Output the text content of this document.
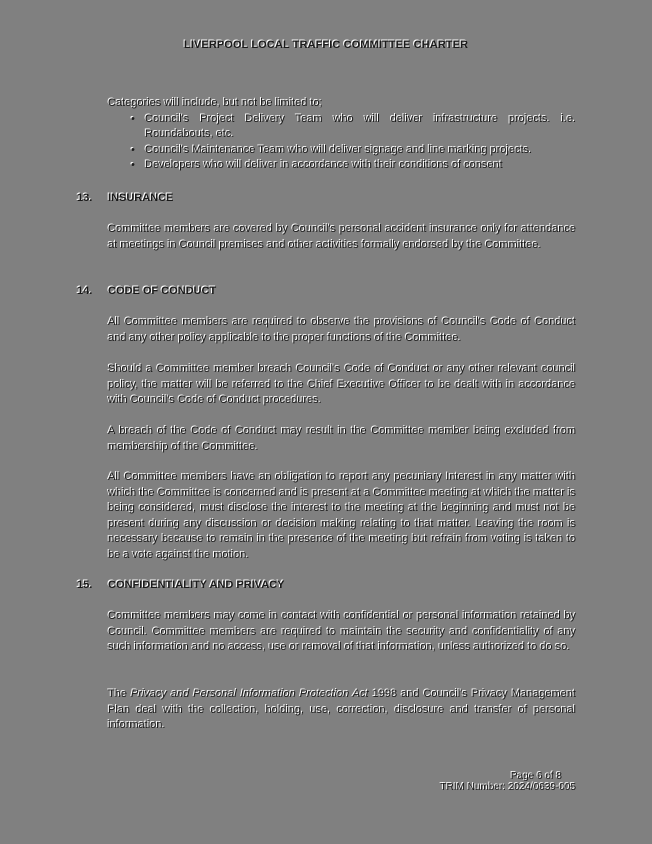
LIVERPOOL LOCAL TRAFFIC COMMITTEE CHARTER
Categories will include, but not be limited to;
• Council's Project Delivery Team who will deliver infrastructure projects. i.e. Roundabouts, etc.
• Council's Maintenance Team who will deliver signage and line marking projects.
• Developers who will deliver in accordance with their conditions of consent
13. INSURANCE
Committee members are covered by Council's personal accident insurance only for attendance at meetings in Council premises and other activities formally endorsed by the Committee.
14. CODE OF CONDUCT
All Committee members are required to observe the provisions of Council's Code of Conduct and any other policy applicable to the proper functions of the Committee.
Should a Committee member breach Council's Code of Conduct or any other relevant council policy, the matter will be referred to the Chief Executive Officer to be dealt with in accordance with Council's Code of Conduct procedures.
A breach of the Code of Conduct may result in the Committee member being excluded from membership of the Committee.
All Committee members have an obligation to report any pecuniary Interest in any matter with which the Committee is concerned and is present at a Committee meeting at which the matter is being considered, must disclose the interest to the meeting at the beginning and must not be present during any discussion or decision making relating to that matter. Leaving the room is necessary because to remain in the presence of the meeting but refrain from voting is taken to be a vote against the motion.
15. CONFIDENTIALITY AND PRIVACY
Committee members may come in contact with confidential or personal information retained by Council. Committee members are required to maintain the security and confidentiality of any such information and no access, use or removal of that information, unless authorized to do so.
The Privacy and Personal Information Protection Act 1998 and Council's Privacy Management Plan deal with the collection, holding, use, correction, disclosure and transfer of personal information.
Page 6 of 8
TRIM Number: 2024/0639-005
